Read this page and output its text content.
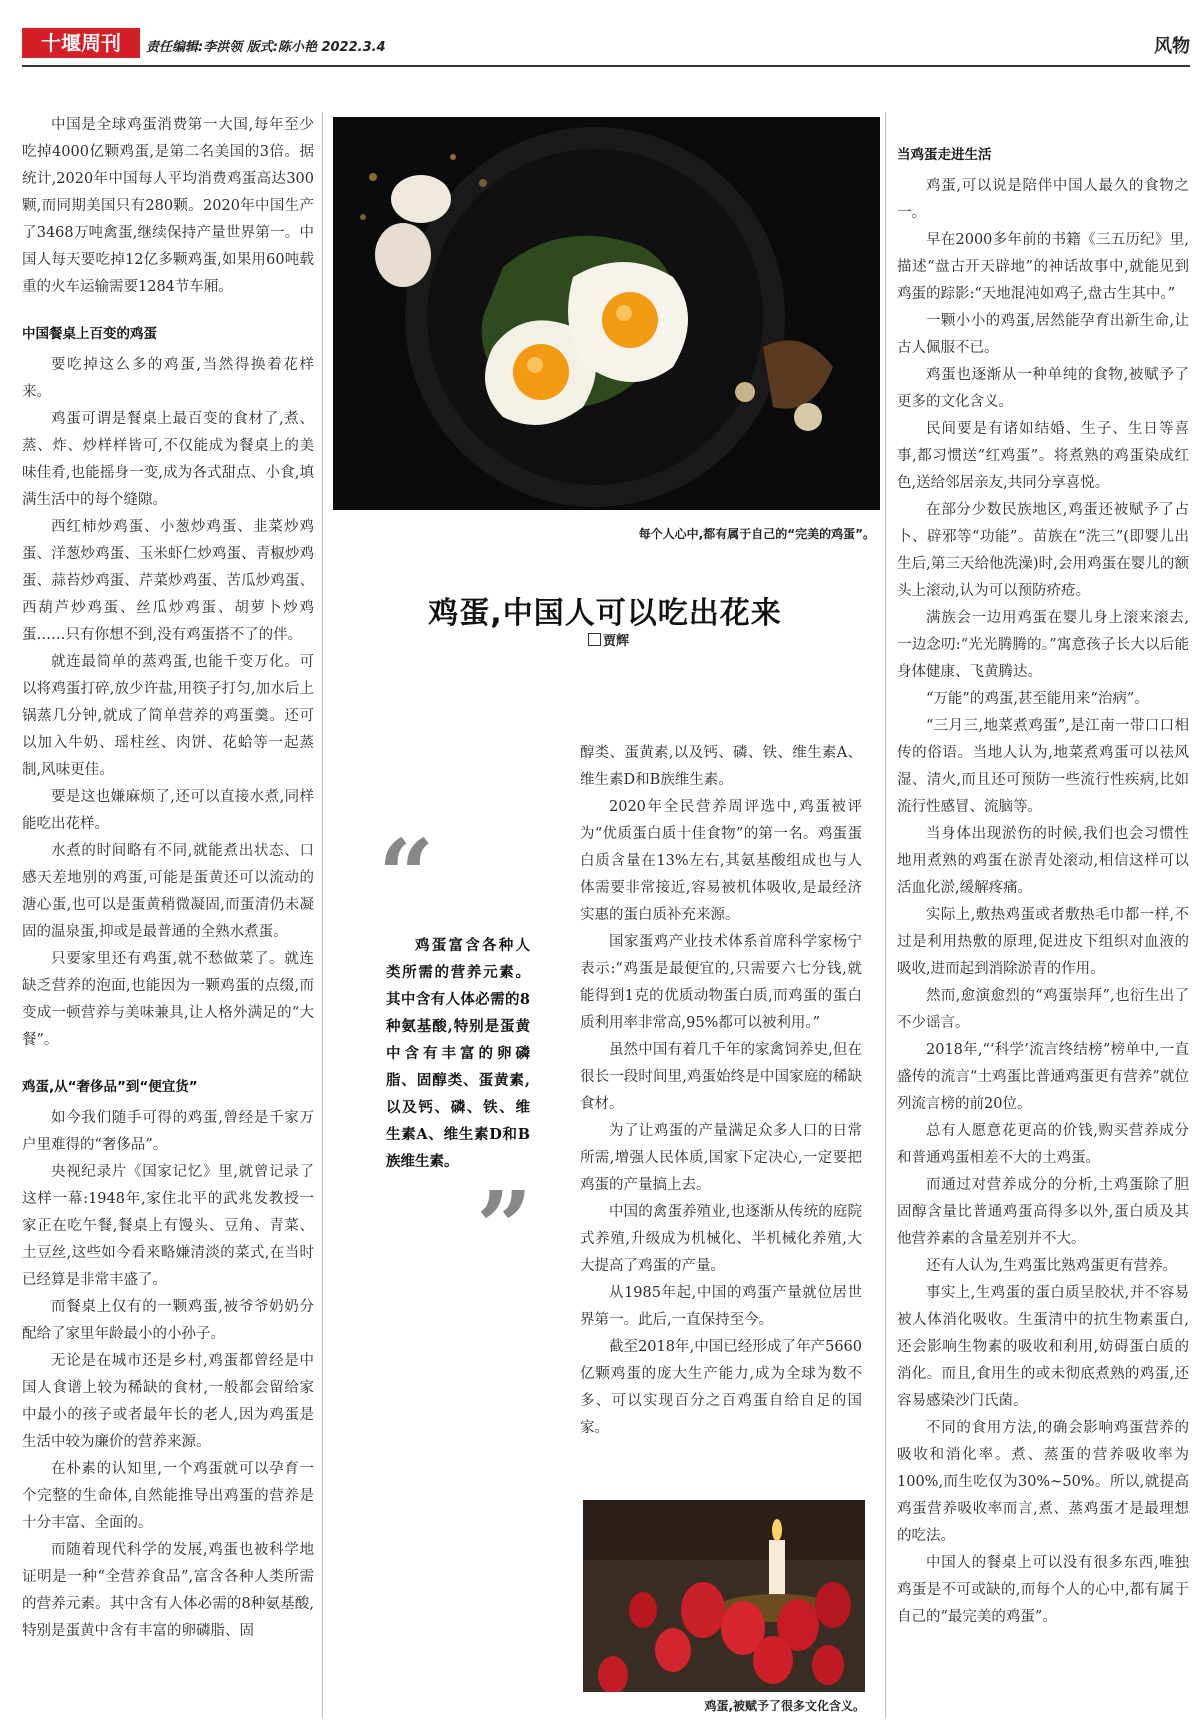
十堰周刊	责任编辑:李洪领 版式:陈小艳 2022.3.4	风物

中国是全球鸡蛋消费第一大国,每年至少吃掉4000亿颗鸡蛋,是第二名美国的3倍。据统计,2020年中国每人平均消费鸡蛋高达300颗,而同期美国只有280颗。2020年中国生产了3468万吨禽蛋,继续保持产量世界第一。中国人每天要吃掉12亿多颗鸡蛋,如果用60吨载重的火车运输需要1284节车厢。

中国餐桌上百变的鸡蛋

要吃掉这么多的鸡蛋,当然得换着花样来。

鸡蛋可谓是餐桌上最百变的食材了,煮、蒸、炸、炒样样皆可,不仅能成为餐桌上的美味佳肴,也能摇身一变,成为各式甜点、小食,填满生活中的每个缝隙。

西红柿炒鸡蛋、小葱炒鸡蛋、韭菜炒鸡蛋、洋葱炒鸡蛋、玉米虾仁炒鸡蛋、青椒炒鸡蛋、蒜苔炒鸡蛋、芹菜炒鸡蛋、苦瓜炒鸡蛋、西葫芦炒鸡蛋、丝瓜炒鸡蛋、胡萝卜炒鸡蛋……只有你想不到,没有鸡蛋搭不了的伴。

就连最简单的蒸鸡蛋,也能千变万化。可以将鸡蛋打碎,放少许盐,用筷子打匀,加水后上锅蒸几分钟,就成了简单营养的鸡蛋羹。还可以加入牛奶、瑶柱丝、肉饼、花蛤等一起蒸制,风味更佳。

要是这也嫌麻烦了,还可以直接水煮,同样能吃出花样。

水煮的时间略有不同,就能煮出状态、口感天差地别的鸡蛋,可能是蛋黄还可以流动的溏心蛋,也可以是蛋黄稍微凝固,而蛋清仍未凝固的温泉蛋,抑或是最普通的全熟水煮蛋。

只要家里还有鸡蛋,就不愁做菜了。就连缺乏营养的泡面,也能因为一颗鸡蛋的点缀,而变成一顿营养与美味兼具,让人格外满足的“大餐”。

鸡蛋,从“奢侈品”到“便宜货”

如今我们随手可得的鸡蛋,曾经是千家万户里难得的“奢侈品”。

央视纪录片《国家记忆》里,就曾记录了这样一幕:1948年,家住北平的武兆发教授一家正在吃午餐,餐桌上有馒头、豆角、青菜、土豆丝,这些如今看来略嫌清淡的菜式,在当时已经算是非常丰盛了。

而餐桌上仅有的一颗鸡蛋,被爷爷奶奶分配给了家里年龄最小的小孙子。

无论是在城市还是乡村,鸡蛋都曾经是中国人食谱上较为稀缺的食材,一般都会留给家中最小的孩子或者最年长的老人,因为鸡蛋是生活中较为廉价的营养来源。

在朴素的认知里,一个鸡蛋就可以孕育一个完整的生命体,自然能推导出鸡蛋的营养是十分丰富、全面的。

而随着现代科学的发展,鸡蛋也被科学地证明是一种“全营养食品”,富含各种人类所需的营养元素。其中含有人体必需的8种氨基酸,特别是蛋黄中含有丰富的卵磷脂、固

每个人心中,都有属于自己的“完美的鸡蛋”。
鸡蛋,中国人可以吃出花来
贾辉
“
鸡蛋富含各种人类所需的营养元素。其中含有人体必需的8种氨基酸,特别是蛋黄中含有丰富的卵磷脂、固醇类、蛋黄素,以及钙、磷、铁、维生素A、维生素D和B族维生素。
”

醇类、蛋黄素,以及钙、磷、铁、维生素A、维生素D和B族维生素。

2020年全民营养周评选中,鸡蛋被评为“优质蛋白质十佳食物”的第一名。鸡蛋蛋白质含量在13%左右,其氨基酸组成也与人体需要非常接近,容易被机体吸收,是最经济实惠的蛋白质补充来源。

国家蛋鸡产业技术体系首席科学家杨宁表示:“鸡蛋是最便宜的,只需要六七分钱,就能得到1克的优质动物蛋白质,而鸡蛋的蛋白质利用率非常高,95%都可以被利用。”

虽然中国有着几千年的家禽饲养史,但在很长一段时间里,鸡蛋始终是中国家庭的稀缺食材。

为了让鸡蛋的产量满足众多人口的日常所需,增强人民体质,国家下定决心,一定要把鸡蛋的产量搞上去。

中国的禽蛋养殖业,也逐渐从传统的庭院式养殖,升级成为机械化、半机械化养殖,大大提高了鸡蛋的产量。

从1985年起,中国的鸡蛋产量就位居世界第一。此后,一直保持至今。

截至2018年,中国已经形成了年产5660亿颗鸡蛋的庞大生产能力,成为全球为数不多、可以实现百分之百鸡蛋自给自足的国家。

鸡蛋,被赋予了很多文化含义。
当鸡蛋走进生活

鸡蛋,可以说是陪伴中国人最久的食物之一。

早在2000多年前的书籍《三五历纪》里,描述“盘古开天辟地”的神话故事中,就能见到鸡蛋的踪影:“天地混沌如鸡子,盘古生其中。”

一颗小小的鸡蛋,居然能孕育出新生命,让古人佩服不已。

鸡蛋也逐渐从一种单纯的食物,被赋予了更多的文化含义。

民间要是有诸如结婚、生子、生日等喜事,都习惯送“红鸡蛋”。将煮熟的鸡蛋染成红色,送给邻居亲友,共同分享喜悦。

在部分少数民族地区,鸡蛋还被赋予了占卜、辟邪等“功能”。苗族在“洗三”(即婴儿出生后,第三天给他洗澡)时,会用鸡蛋在婴儿的额头上滚动,认为可以预防疥疮。

满族会一边用鸡蛋在婴儿身上滚来滚去,一边念叨:“光光腾腾的。”寓意孩子长大以后能身体健康、飞黄腾达。

“万能”的鸡蛋,甚至能用来“治病”。

“三月三,地菜煮鸡蛋”,是江南一带口口相传的俗语。当地人认为,地菜煮鸡蛋可以祛风湿、清火,而且还可预防一些流行性疾病,比如流行性感冒、流脑等。

当身体出现淤伤的时候,我们也会习惯性地用煮熟的鸡蛋在淤青处滚动,相信这样可以活血化淤,缓解疼痛。

实际上,敷热鸡蛋或者敷热毛巾都一样,不过是利用热敷的原理,促进皮下组织对血液的吸收,进而起到消除淤青的作用。

然而,愈演愈烈的“鸡蛋崇拜”,也衍生出了不少谣言。

2018年,“‘科学’流言终结榜”榜单中,一直盛传的流言“土鸡蛋比普通鸡蛋更有营养”就位列流言榜的前20位。

总有人愿意花更高的价钱,购买营养成分和普通鸡蛋相差不大的土鸡蛋。

而通过对营养成分的分析,土鸡蛋除了胆固醇含量比普通鸡蛋高得多以外,蛋白质及其他营养素的含量差别并不大。

还有人认为,生鸡蛋比熟鸡蛋更有营养。

事实上,生鸡蛋的蛋白质呈胶状,并不容易被人体消化吸收。生蛋清中的抗生物素蛋白,还会影响生物素的吸收和利用,妨碍蛋白质的消化。而且,食用生的或未彻底煮熟的鸡蛋,还容易感染沙门氏菌。

不同的食用方法,的确会影响鸡蛋营养的吸收和消化率。煮、蒸蛋的营养吸收率为100%,而生吃仅为30%~50%。所以,就提高鸡蛋营养吸收率而言,煮、蒸鸡蛋才是最理想的吃法。

中国人的餐桌上可以没有很多东西,唯独鸡蛋是不可或缺的,而每个人的心中,都有属于自己的“最完美的鸡蛋”。
